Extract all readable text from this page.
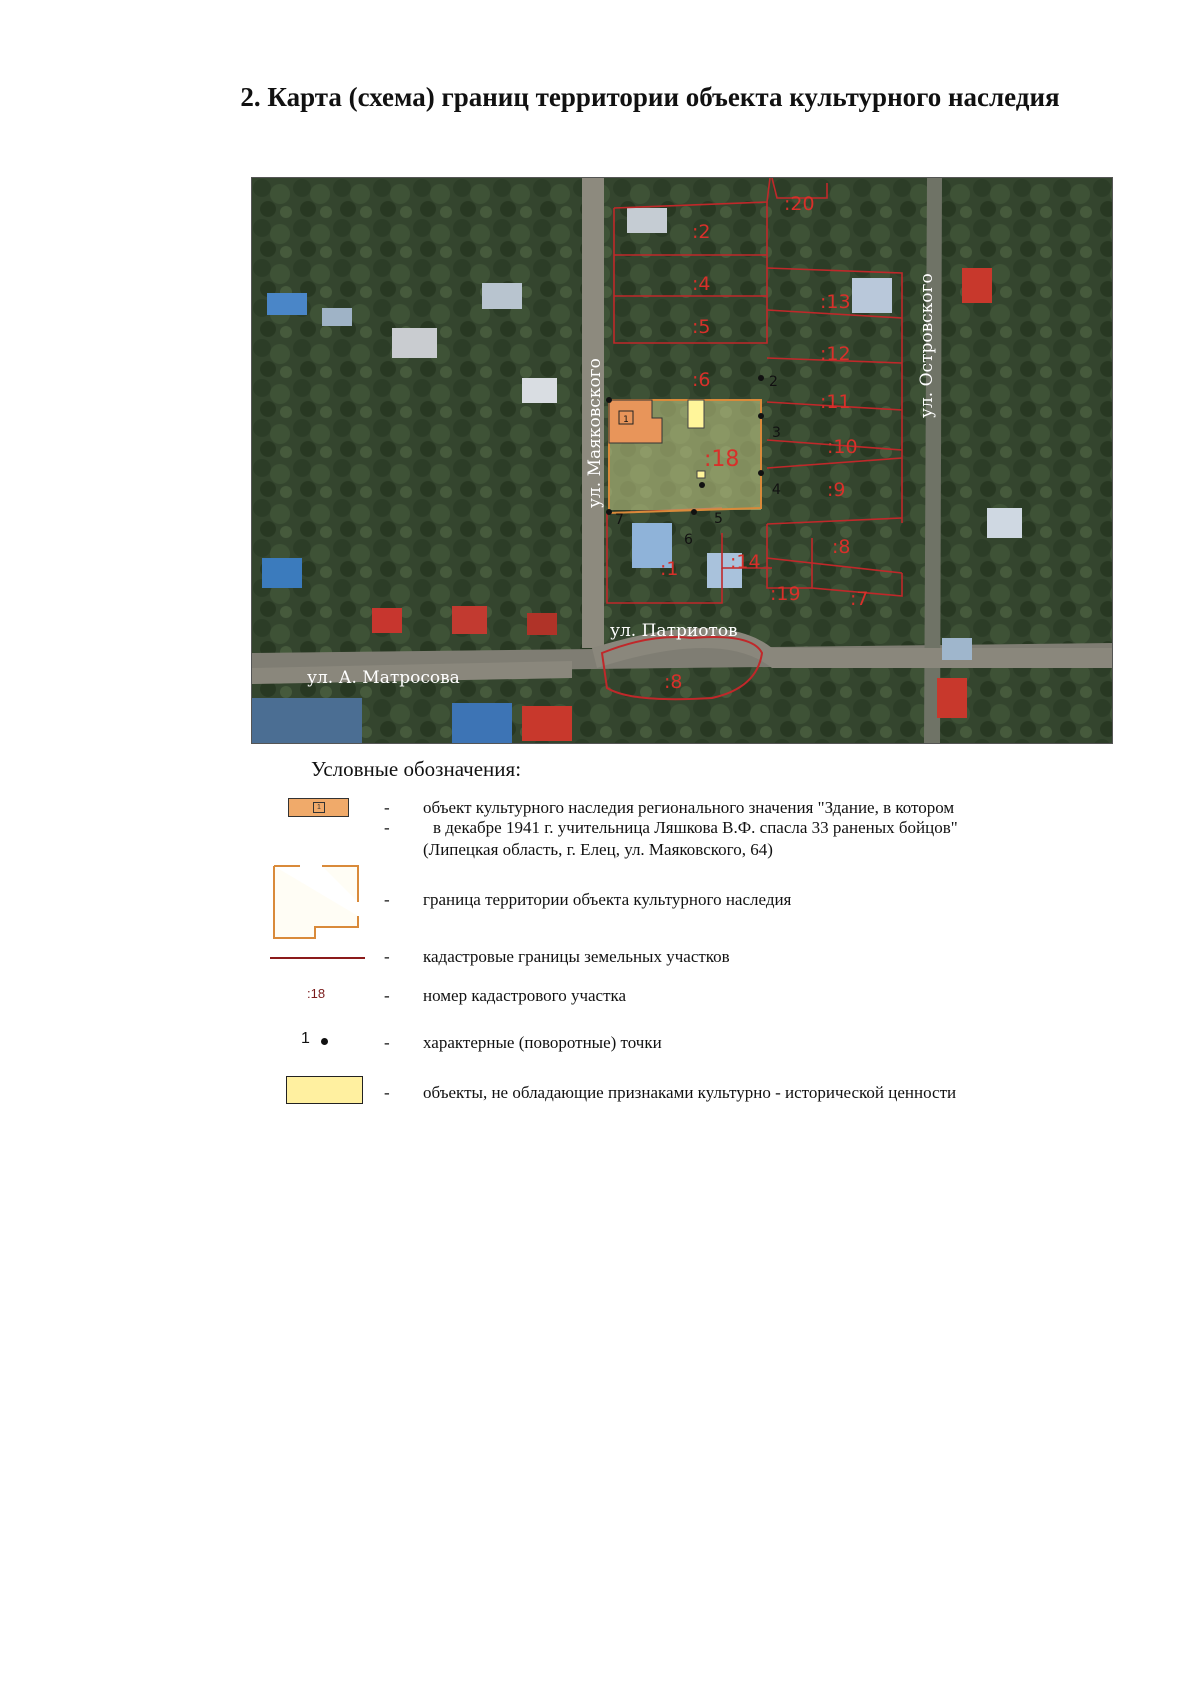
2. Карта (схема) границ территории объекта культурного наследия
1
2
3
4
5
6
7
:20
:2
:4
:5
:6
:13
:12
:11
:10
:18
:9
:8
:1	:14
:19	:7
:8
ул. Маяковского
ул. Островского
ул. Патриотов
ул. А. Матросова
Условные обозначения:
1	-
-
объект культурного наследия регионального значения "Здание, в котором
в декабре 1941 г. учительница Ляшкова В.Ф. спасла 33 раненых бойцов"
(Липецкая область, г. Елец, ул. Маяковского, 64)
- граница территории объекта культурного наследия
- кадастровые границы земельных участков
:18	- номер кадастрового участка
1	- характерные (поворотные) точки
- объекты, не обладающие признаками культурно - исторической ценности
